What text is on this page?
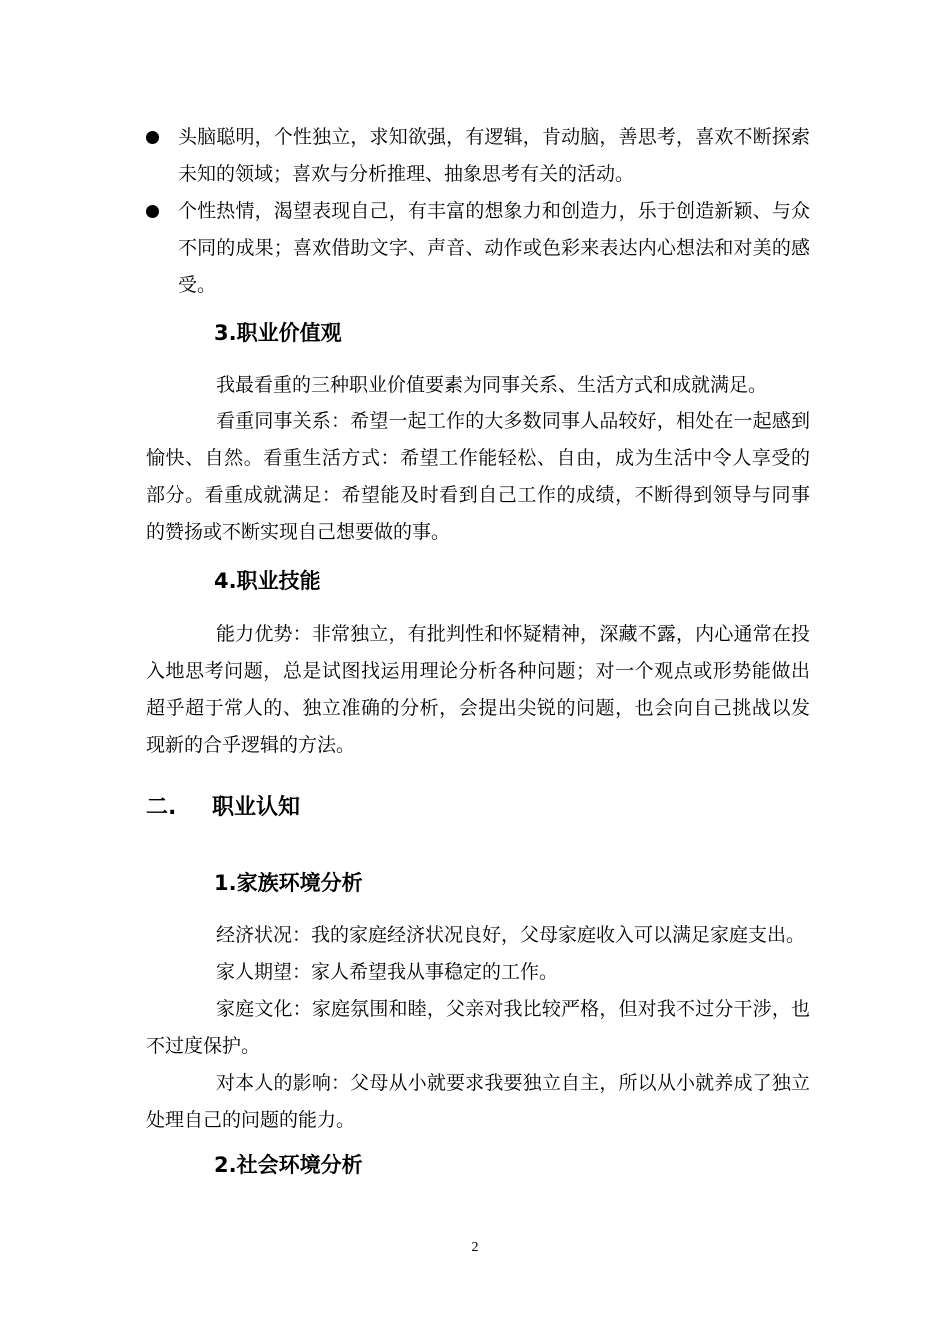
头脑聪明，个性独立，求知欲强，有逻辑，肯动脑，善思考，喜欢不断探索未知的领域；喜欢与分析推理、抽象思考有关的活动。
个性热情，渴望表现自己，有丰富的想象力和创造力，乐于创造新颖、与众不同的成果；喜欢借助文字、声音、动作或色彩来表达内心想法和对美的感受。
3.职业价值观

我最看重的三种职业价值要素为同事关系、生活方式和成就满足。

看重同事关系：希望一起工作的大多数同事人品较好，相处在一起感到 愉快、自然。看重生活方式：希望工作能轻松、自由，成为生活中令人享受的部分。看重成就满足：希望能及时看到自己工作的成绩，不断得到领导与同事的赞扬或不断实现自己想要做的事。

4.职业技能

能力优势：非常独立，有批判性和怀疑精神，深藏不露，内心通常在投入地思考问题，总是试图找运用理论分析各种问题；对一个观点或形势能做出超乎超于常人的、独立准确的分析，会提出尖锐的问题，也会向自己挑战以发现新的合乎逻辑的方法。

二. 职业认知
1.家族环境分析

经济状况：我的家庭经济状况良好，父母家庭收入可以满足家庭支出。

家人期望：家人希望我从事稳定的工作。

家庭文化：家庭氛围和睦，父亲对我比较严格，但对我不过分干涉，也不过度保护。

对本人的影响：父母从小就要求我要独立自主，所以从小就养成了独立处理自己的问题的能力。

2.社会环境分析
2
